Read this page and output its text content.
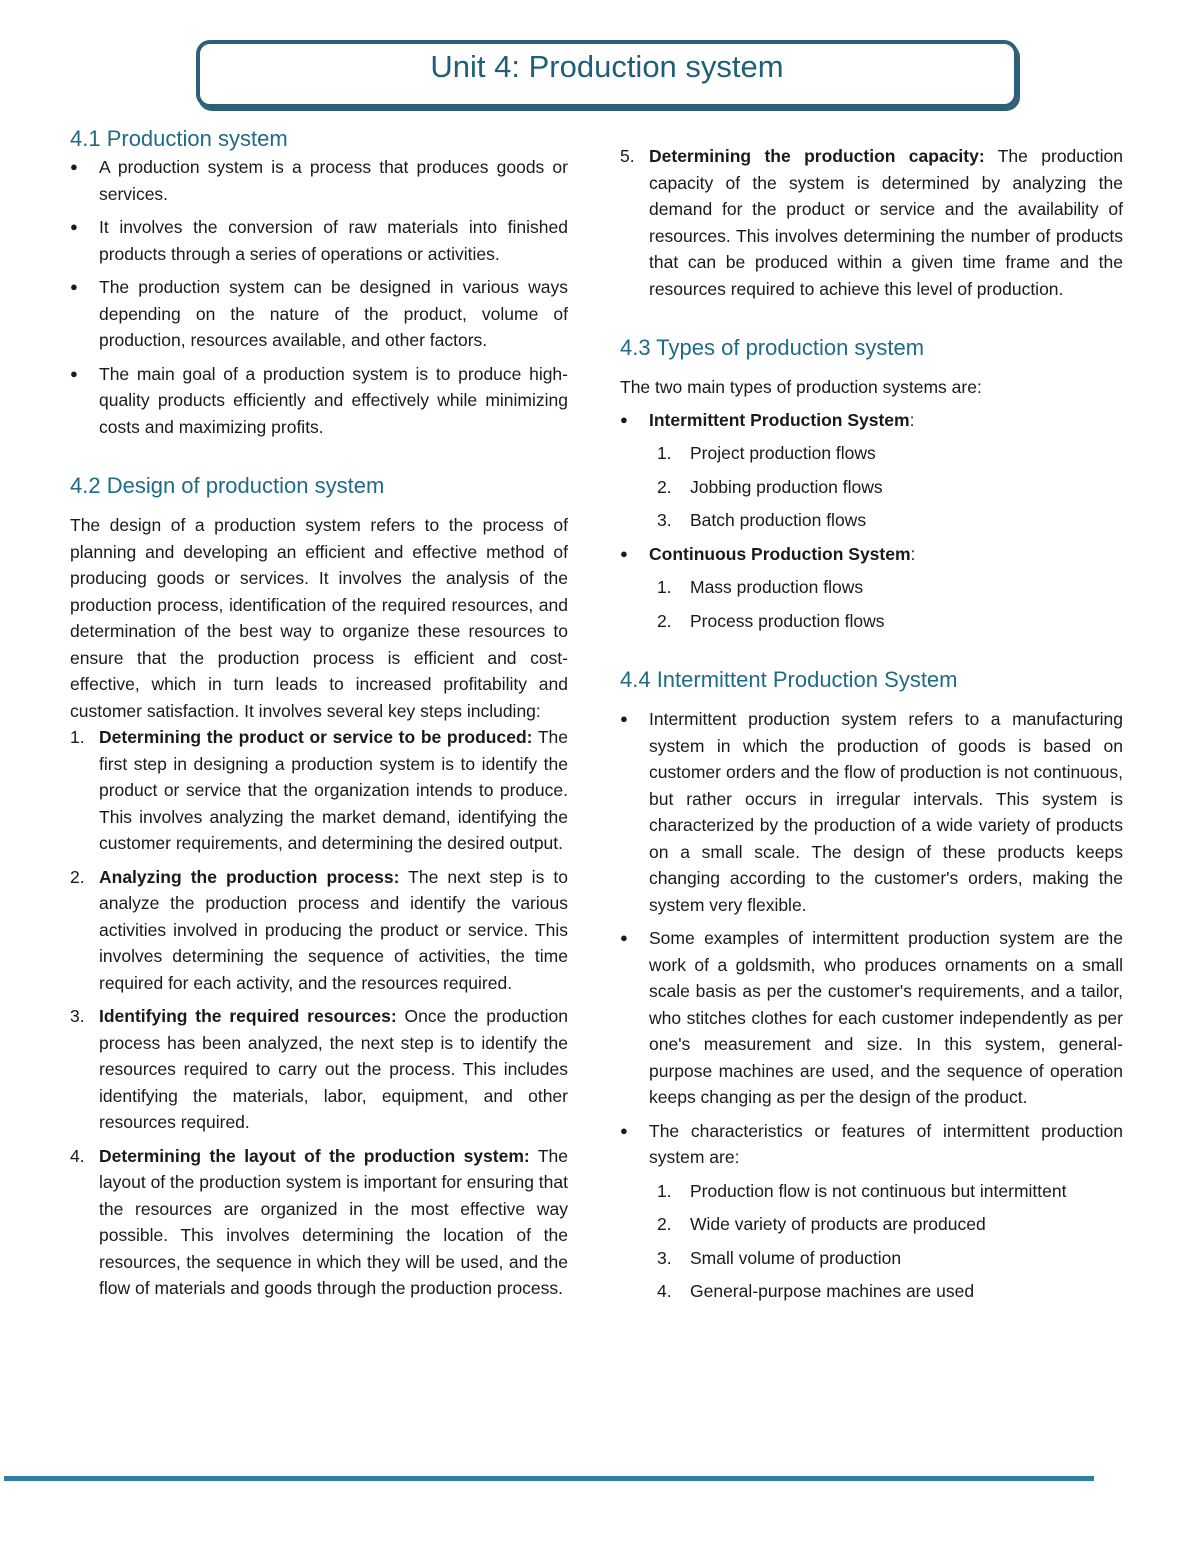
Unit 4: Production system
4.1 Production system
● A production system is a process that produces goods or services.
● It involves the conversion of raw materials into finished products through a series of operations or activities.
● The production system can be designed in various ways depending on the nature of the product, volume of production, resources available, and other factors.
● The main goal of a production system is to produce high-quality products efficiently and effectively while minimizing costs and maximizing profits.
4.2 Design of production system

The design of a production system refers to the process of planning and developing an efficient and effective method of producing goods or services. It involves the analysis of the production process, identification of the required resources, and determination of the best way to organize these resources to ensure that the production process is efficient and cost-effective, which in turn leads to increased profitability and customer satisfaction. It involves several key steps including:

1. Determining the product or service to be produced: The first step in designing a production system is to identify the product or service that the organization intends to produce. This involves analyzing the market demand, identifying the customer requirements, and determining the desired output.
2. Analyzing the production process: The next step is to analyze the production process and identify the various activities involved in producing the product or service. This involves determining the sequence of activities, the time required for each activity, and the resources required.
3. Identifying the required resources: Once the production process has been analyzed, the next step is to identify the resources required to carry out the process. This includes identifying the materials, labor, equipment, and other resources required.
4. Determining the layout of the production system: The layout of the production system is important for ensuring that the resources are organized in the most effective way possible. This involves determining the location of the resources, the sequence in which they will be used, and the flow of materials and goods through the production process.
5. Determining the production capacity: The production capacity of the system is determined by analyzing the demand for the product or service and the availability of resources. This involves determining the number of products that can be produced within a given time frame and the resources required to achieve this level of production.
4.3 Types of production system

The two main types of production systems are:

● Intermittent Production System:
1. Project production flows
2. Jobbing production flows
3. Batch production flows
● Continuous Production System:
1. Mass production flows
2. Process production flows
4.4 Intermittent Production System
● Intermittent production system refers to a manufacturing system in which the production of goods is based on customer orders and the flow of production is not continuous, but rather occurs in irregular intervals. This system is characterized by the production of a wide variety of products on a small scale. The design of these products keeps changing according to the customer's orders, making the system very flexible.
● Some examples of intermittent production system are the work of a goldsmith, who produces ornaments on a small scale basis as per the customer's requirements, and a tailor, who stitches clothes for each customer independently as per one's measurement and size. In this system, general-purpose machines are used, and the sequence of operation keeps changing as per the design of the product.
● The characteristics or features of intermittent production system are:
1. Production flow is not continuous but intermittent
2. Wide variety of products are produced
3. Small volume of production
4. General-purpose machines are used
